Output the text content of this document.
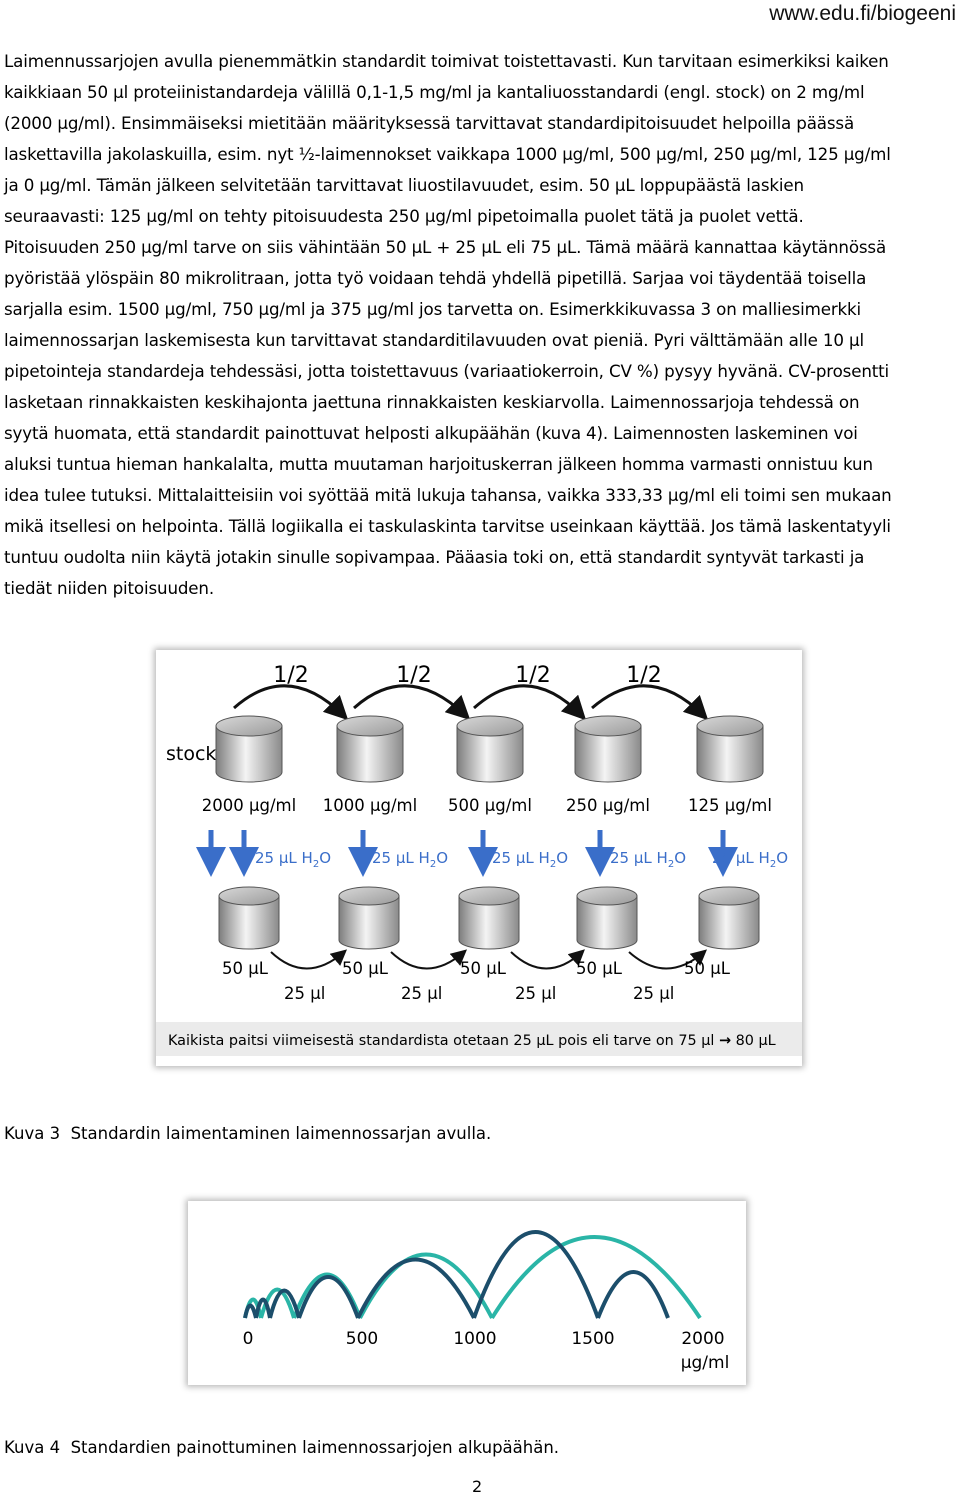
www.edu.fi/biogeeni
Laimennussarjojen avulla pienemmätkin standardit toimivat toistettavasti. Kun tarvitaan esimerkiksi kaiken
kaikkiaan 50 µl proteiinistandardeja välillä 0,1-1,5 mg/ml ja kantaliuosstandardi (engl. stock) on 2 mg/ml
(2000 µg/ml). Ensimmäiseksi mietitään määrityksessä tarvittavat standardipitoisuudet helpoilla päässä
laskettavilla jakolaskuilla, esim. nyt ½-laimennokset vaikkapa 1000 µg/ml, 500 µg/ml, 250 µg/ml, 125 µg/ml
ja 0 µg/ml. Tämän jälkeen selvitetään tarvittavat liuostilavuudet, esim. 50 µL loppupäästä laskien
seuraavasti: 125 µg/ml on tehty pitoisuudesta 250 µg/ml pipetoimalla puolet tätä ja puolet vettä.
Pitoisuuden 250 µg/ml tarve on siis vähintään 50 µL + 25 µL eli 75 µL. Tämä määrä kannattaa käytännössä
pyöristää ylöspäin 80 mikrolitraan, jotta työ voidaan tehdä yhdellä pipetillä. Sarjaa voi täydentää toisella
sarjalla esim. 1500 µg/ml, 750 µg/ml ja 375 µg/ml jos tarvetta on. Esimerkkikuvassa 3 on malliesimerkki
laimennossarjan laskemisesta kun tarvittavat standarditilavuuden ovat pieniä. Pyri välttämään alle 10 µl
pipetointeja standardeja tehdessäsi, jotta toistettavuus (variaatiokerroin, CV %) pysyy hyvänä. CV-prosentti
lasketaan rinnakkaisten keskihajonta jaettuna rinnakkaisten keskiarvolla. Laimennossarjoja tehdessä on
syytä huomata, että standardit painottuvat helposti alkupäähän (kuva 4). Laimennosten laskeminen voi
aluksi tuntua hieman hankalalta, mutta muutaman harjoituskerran jälkeen homma varmasti onnistuu kun
idea tulee tutuksi. Mittalaitteisiin voi syöttää mitä lukuja tahansa, vaikka 333,33 µg/ml eli toimi sen mukaan
mikä itsellesi on helpointa. Tällä logiikalla ei taskulaskinta tarvitse useinkaan käyttää. Jos tämä laskentatyyli
tuntuu oudolta niin käytä jotakin sinulle sopivampaa. Pääasia toki on, että standardit syntyvät tarkasti ja
tiedät niiden pitoisuuden.
1/2	1/2	1/2	1/2
stock
2000 µg/ml 1000 µg/ml 500 µg/ml 250 µg/ml 125 µg/ml
25 µL $H_2O$	25 µL $H_2O$	25 µL $H_2O$	25 µL $H_2O$ 25 µL $H_2O$
50 µL	50 µL	50 µL	50 µL	50 µL
25 µl	25 µl	25 µl	25 µl
Kaikista paitsi viimeisestä standardista otetaan 25 µL pois eli tarve on 75 µl → 80 µL
Kuva 3  Standardin laimentaminen laimennossarjan avulla.
0	500	1000	1500	2000
µg/ml
Kuva 4  Standardien painottuminen laimennossarjojen alkupäähän.
2
